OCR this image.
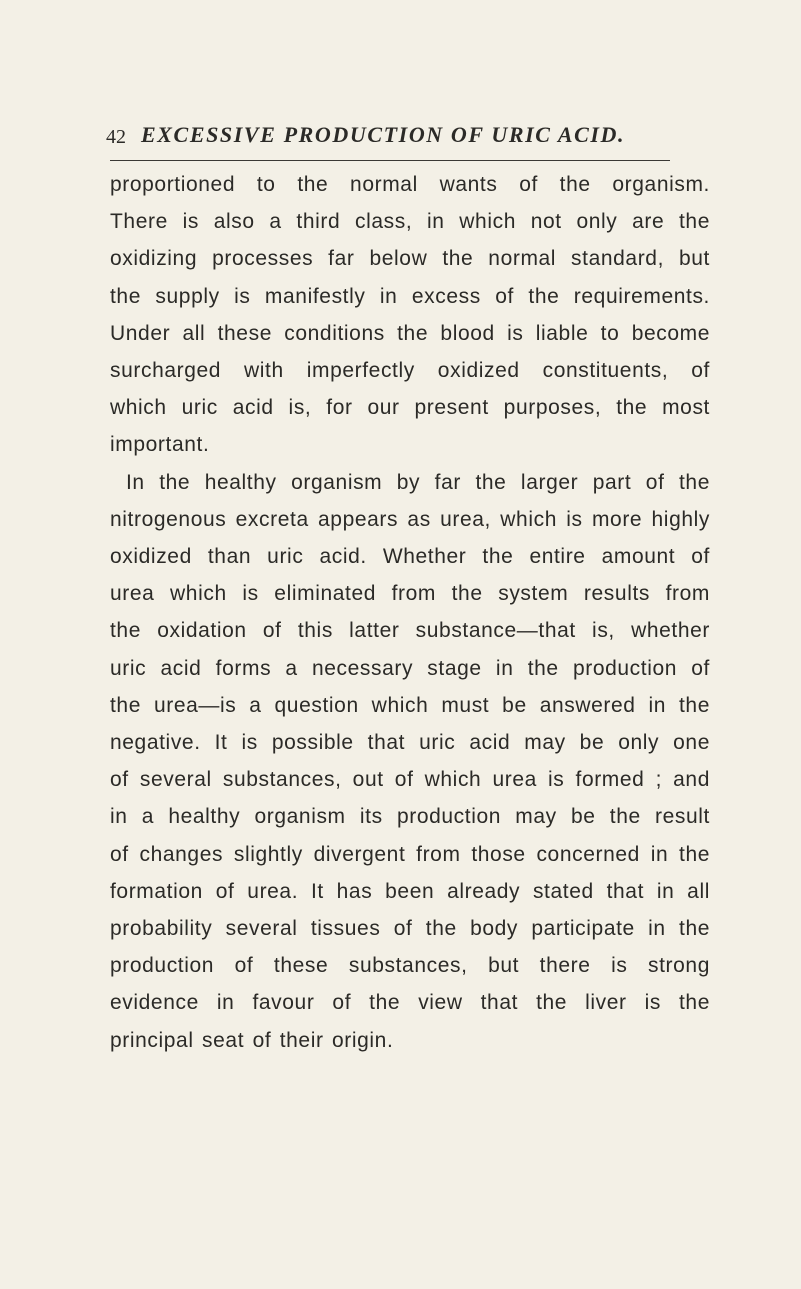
42 EXCESSIVE PRODUCTION OF URIC ACID.
proportioned to the normal wants of the organism.
There is also a third class, in which not only are the
oxidizing processes far below the normal standard, but
the supply is manifestly in excess of the requirements.
Under all these conditions the blood is liable to become
surcharged with imperfectly oxidized constituents, of
which uric acid is, for our present purposes, the most
important.
In the healthy organism by far the larger part of the
nitrogenous excreta appears as urea, which is more highly
oxidized than uric acid. Whether the entire amount of
urea which is eliminated from the system results from
the oxidation of this latter substance—that is, whether
uric acid forms a necessary stage in the production of
the urea—is a question which must be answered in the
negative. It is possible that uric acid may be only one
of several substances, out of which urea is formed ; and
in a healthy organism its production may be the result
of changes slightly divergent from those concerned in the
formation of urea. It has been already stated that in all
probability several tissues of the body participate in the
production of these substances, but there is strong
evidence in favour of the view that the liver is the
principal seat of their origin.
